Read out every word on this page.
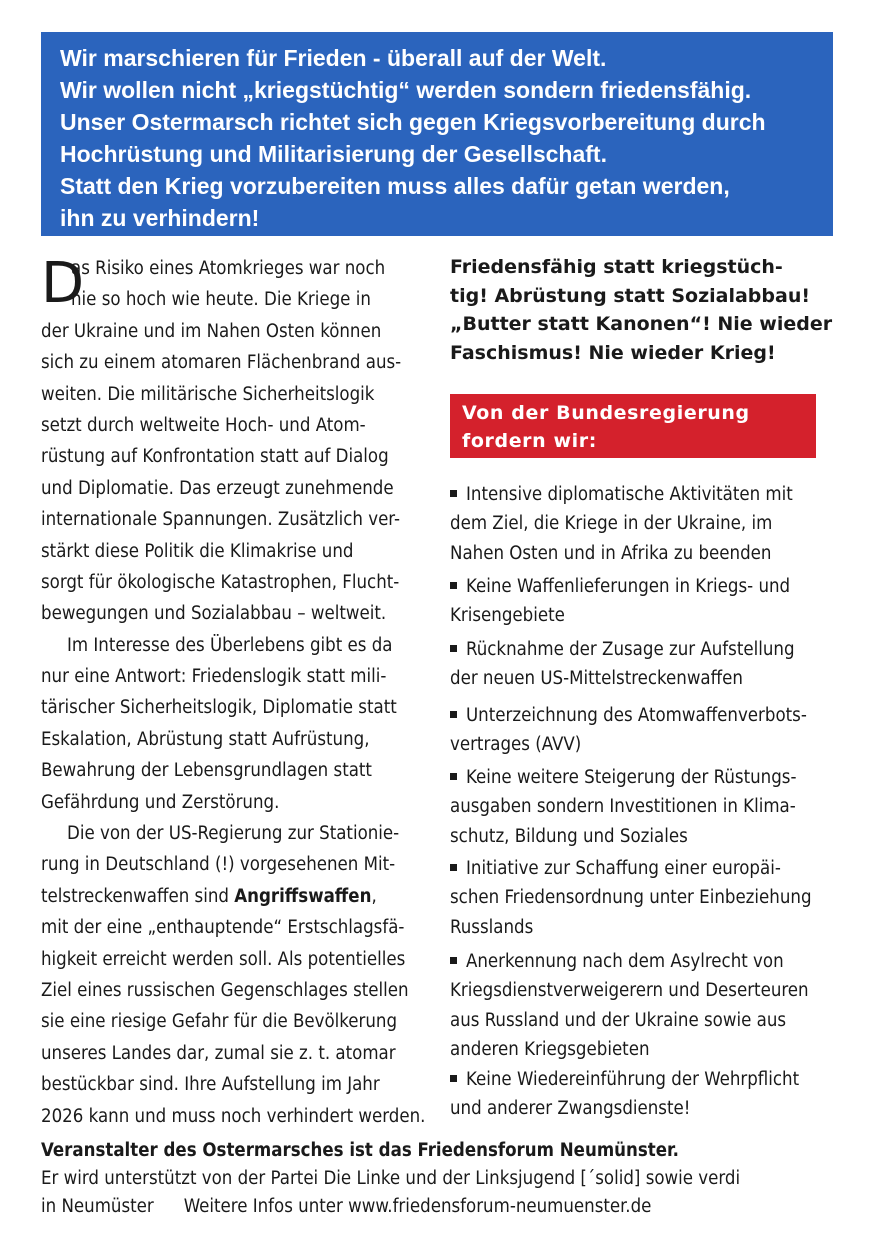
Wir marschieren für Frieden - überall auf der Welt.
Wir wollen nicht „kriegstüchtig“ werden sondern friedensfähig.
Unser Ostermarsch richtet sich gegen Kriegsvorbereitung durch
Hochrüstung und Militarisierung der Gesellschaft.
Statt den Krieg vorzubereiten muss alles dafür getan werden,
ihn zu verhindern!
D
as Risiko eines Atomkrieges war noch
nie so hoch wie heute. Die Kriege in
der Ukraine und im Nahen Osten können
sich zu einem atomaren Flächenbrand aus-
weiten. Die militärische Sicherheitslogik
setzt durch weltweite Hoch- und Atom-
rüstung auf Konfrontation statt auf Dialog
und Diplomatie. Das erzeugt zunehmende
internationale Spannungen. Zusätzlich ver-
stärkt diese Politik die Klimakrise und
sorgt für ökologische Katastrophen, Flucht-
bewegungen und Sozialabbau – weltweit.
Im Interesse des Überlebens gibt es da
nur eine Antwort: Friedenslogik statt mili-
tärischer Sicherheitslogik, Diplomatie statt
Eskalation, Abrüstung statt Aufrüstung,
Bewahrung der Lebensgrundlagen statt
Gefährdung und Zerstörung.
Die von der US-Regierung zur Stationie-
rung in Deutschland (!) vorgesehenen Mit-
telstreckenwaffen sind Angriffswaffen,
mit der eine „enthauptende“ Erstschlagsfä-
higkeit erreicht werden soll. Als potentielles
Ziel eines russischen Gegenschlages stellen
sie eine riesige Gefahr für die Bevölkerung
unseres Landes dar, zumal sie z. t. atomar
bestückbar sind. Ihre Aufstellung im Jahr
2026 kann und muss noch verhindert werden.
Friedensfähig statt kriegstüch-
tig! Abrüstung statt Sozialabbau!
„Butter statt Kanonen“! Nie wieder
Faschismus! Nie wieder Krieg!
Von der Bundesregierung
fordern wir:
Intensive diplomatische Aktivitäten mit
dem Ziel, die Kriege in der Ukraine, im
Nahen Osten und in Afrika zu beenden
Keine Waffenlieferungen in Kriegs- und
Krisengebiete
Rücknahme der Zusage zur Aufstellung
der neuen US-Mittelstreckenwaffen
Unterzeichnung des Atomwaffenverbots-
vertrages (AVV)
Keine weitere Steigerung der Rüstungs-
ausgaben sondern Investitionen in Klima-
schutz, Bildung und Soziales
Initiative zur Schaffung einer europäi-
schen Friedensordnung unter Einbeziehung
Russlands
Anerkennung nach dem Asylrecht von
Kriegsdienstverweigerern und Deserteuren
aus Russland und der Ukraine sowie aus
anderen Kriegsgebieten
Keine Wiedereinführung der Wehrpflicht
und anderer Zwangsdienste!
Veranstalter des Ostermarsches ist das Friedensforum Neumünster.
Er wird unterstützt von der Partei Die Linke und der Linksjugend [´solid] sowie verdi
in Neumüster Weitere Infos unter www.friedensforum-neumuenster.de
